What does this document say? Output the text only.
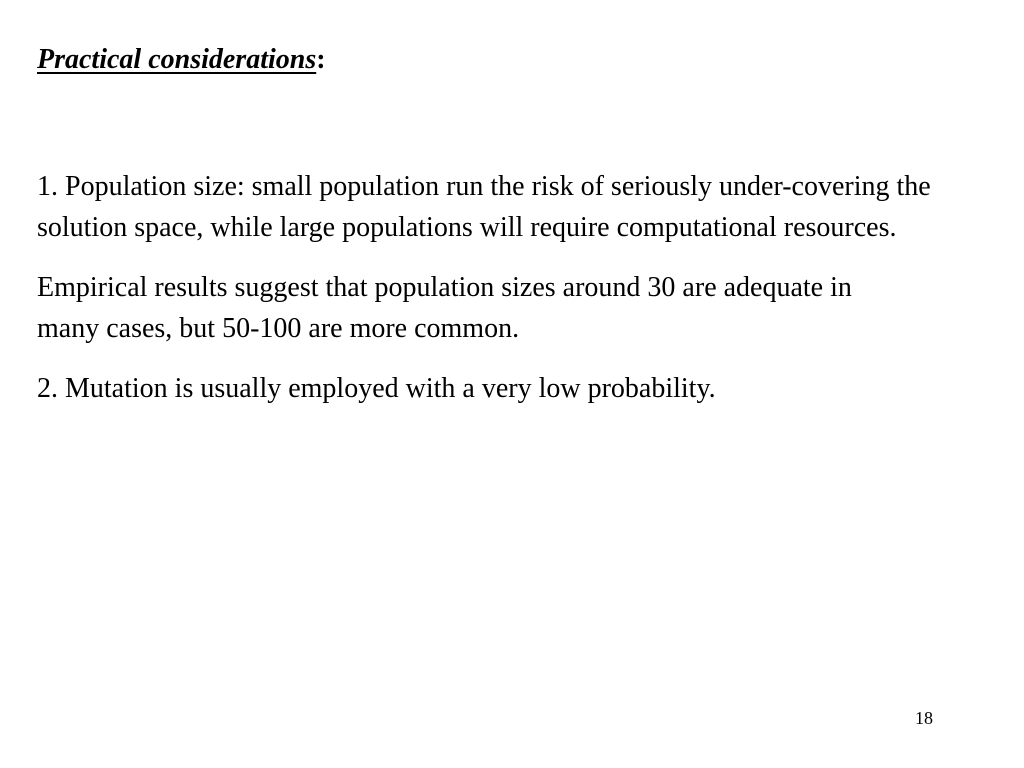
Practical considerations:

1. Population size: small population run the risk of seriously under-covering the solution space, while large populations will require computational resources.

Empirical results suggest that population sizes around 30 are adequate in many cases, but 50-100 are more common.

2. Mutation is usually employed with a very low probability.

18
